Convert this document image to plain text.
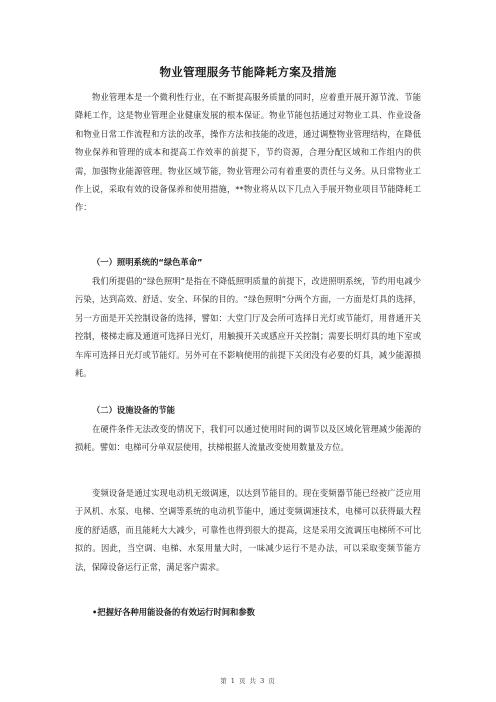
物业管理服务节能降耗方案及措施

物业管理本是一个微利性行业，在不断提高服务质量的同时，应着重开展开源节流、节能降耗工作，这是物业管理企业健康发展的根本保证。物业节能包括通过对物业工具、作业设备和物业日常工作流程和方法的改革，操作方法和技能的改进，通过调整物业管理结构，在降低物业保养和管理的成本和提高工作效率的前提下，节约资源，合理分配区域和工作组内的供需，加强物业能源管理。物业区域节能，物业管理公司有着重要的责任与义务。从日常物业工作上说，采取有效的设备保养和使用措施，**物业将从以下几点入手展开物业项目节能降耗工作：

（一）照明系统的“绿色革命”

我们所提倡的“绿色照明”是指在不降低照明质量的前提下，改进照明系统，节约用电减少污染，达到高效、舒适、安全、环保的目的。“绿色照明”分两个方面，一方面是灯具的选择，另一方面是开关控制设备的选择，譬如：大堂门厅及会所可选择日光灯或节能灯，用普通开关控制，楼梯走廊及通道可选择日光灯，用触摸开关或感应开关控制；需要长明灯具的地下室或车库可选择日光灯或节能灯。另外可在不影响使用的前提下关闭没有必要的灯具，减少能源损耗。

（二）设施设备的节能

在硬件条件无法改变的情况下，我们可以通过使用时间的调节以及区域化管理减少能源的损耗。譬如：电梯可分单双层使用，扶梯根据人流量改变使用数量及方位。

变频设备是通过实现电动机无级调速，以达到节能目的。现在变频器节能已经被广泛应用于风机、水泵、电梯、空调等系统的电动机节能中，通过变频调速技术，电梯可以获得最大程度的舒适感，而且能耗大大减少，可靠性也得到很大的提高，这是采用交流调压电梯所不可比拟的。因此，当空调、电梯、水泵用量大时，一味减少运行不是办法，可以采取变频节能方法，保障设备运行正常，满足客户需求。

•把握好各种用能设备的有效运行时间和参数
第 1 页 共 3 页
